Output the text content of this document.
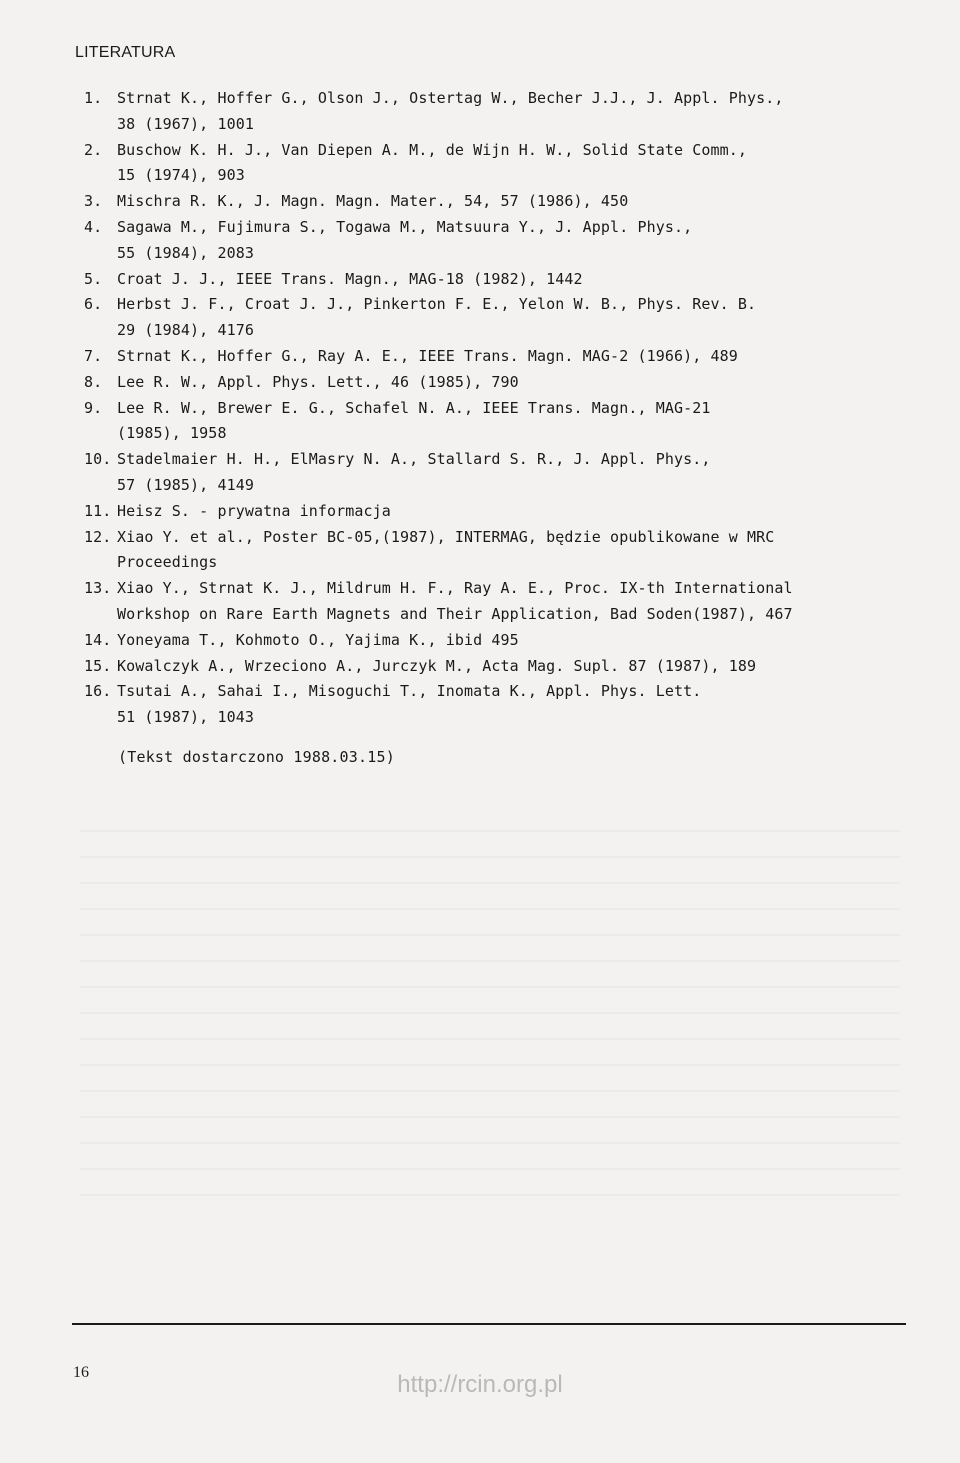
LITERATURA
1. Strnat K., Hoffer G., Olson J., Ostertag W., Becher J.J., J. Appl. Phys.,
38 (1967), 1001
2. Buschow K. H. J., Van Diepen A. M., de Wijn H. W., Solid State Comm.,
15 (1974), 903
3. Mischra R. K., J. Magn. Magn. Mater., 54, 57 (1986), 450
4. Sagawa M., Fujimura S., Togawa M., Matsuura Y., J. Appl. Phys.,
55 (1984), 2083
5. Croat J. J., IEEE Trans. Magn., MAG-18 (1982), 1442
6. Herbst J. F., Croat J. J., Pinkerton F. E., Yelon W. B., Phys. Rev. B.
29 (1984), 4176
7. Strnat K., Hoffer G., Ray A. E., IEEE Trans. Magn. MAG-2 (1966), 489
8. Lee R. W., Appl. Phys. Lett., 46 (1985), 790
9. Lee R. W., Brewer E. G., Schafel N. A., IEEE Trans. Magn., MAG-21
(1985), 1958
10. Stadelmaier H. H., ElMasry N. A., Stallard S. R., J. Appl. Phys.,
57 (1985), 4149
11. Heisz S. - prywatna informacja
12. Xiao Y. et al., Poster BC-05,(1987), INTERMAG, będzie opublikowane w MRC
Proceedings
13. Xiao Y., Strnat K. J., Mildrum H. F., Ray A. E., Proc. IX-th International
Workshop on Rare Earth Magnets and Their Application, Bad Soden(1987), 467
14. Yoneyama T., Kohmoto O., Yajima K., ibid 495
15. Kowalczyk A., Wrzeciono A., Jurczyk M., Acta Mag. Supl. 87 (1987), 189
16. Tsutai A., Sahai I., Misoguchi T., Inomata K., Appl. Phys. Lett.
51 (1987), 1043
(Tekst dostarczono 1988.03.15)
16	http://rcin.org.pl
